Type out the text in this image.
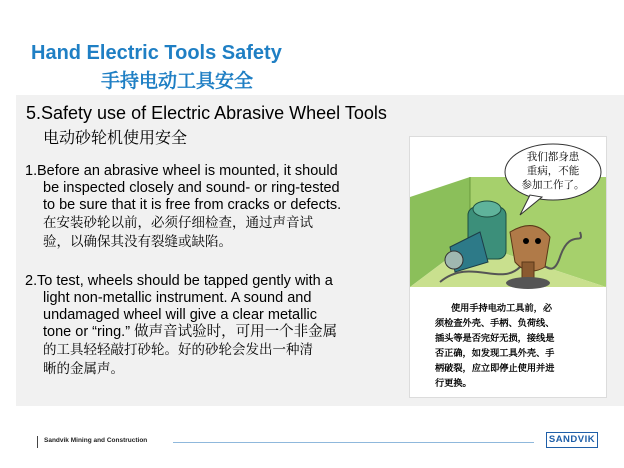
Hand Electric Tools Safety
手持电动工具安全
5.Safety use of Electric Abrasive Wheel Tools
电动砂轮机使用安全
1. Before an abrasive wheel is mounted, it should
be inspected closely and sound- or ring-tested
to be sure that it is free from cracks or defects.
在安装砂轮以前，必须仔细检查，通过声音试
验，以确保其没有裂缝或缺陷。
2. To test, wheels should be tapped gently with a
light non-metallic instrument. A sound and
undamaged wheel will give a clear metallic
tone or “ring.” 做声音试验时，可用一个非金属
的工具轻轻敲打砂轮。好的砂轮会发出一种清
晰的金属声。
我们都身患
重病，不能
参加工作了。
使用手持电动工具前，必
须检查外壳、手柄、负荷线、
插头等是否完好无损，接线是
否正确，如发现工具外壳、手
柄破裂，应立即停止使用并进
行更换。
Sandvik Mining and Construction	SANDVIK
